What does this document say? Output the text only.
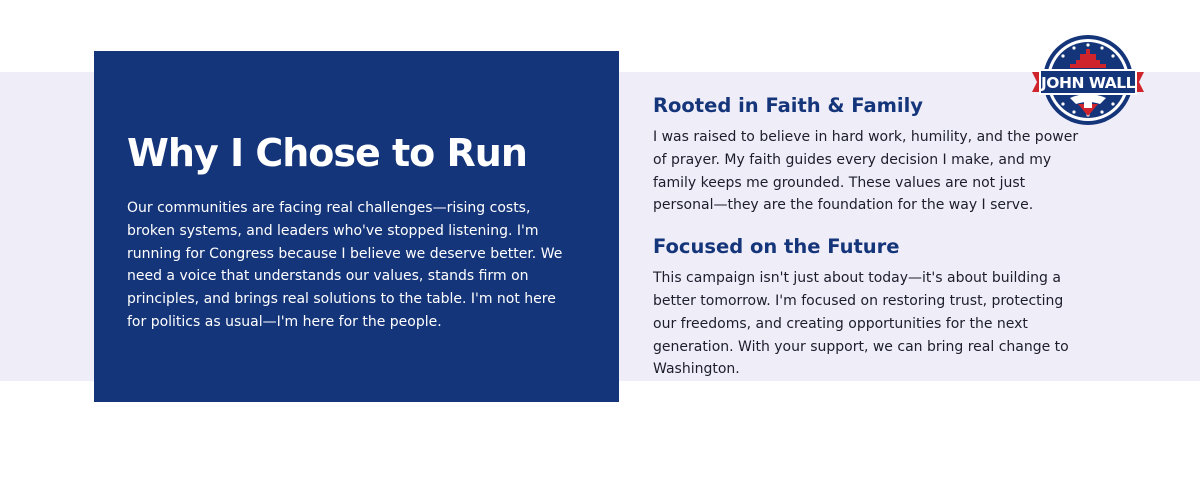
Why I Chose to Run

Our communities are facing real challenges—rising costs, broken systems, and leaders who've stopped listening. I'm running for Congress because I believe we deserve better. We need a voice that understands our values, stands firm on principles, and brings real solutions to the table. I'm not here for politics as usual—I'm here for the people.

Rooted in Faith & Family

I was raised to believe in hard work, humility, and the power of prayer. My faith guides every decision I make, and my family keeps me grounded. These values are not just personal—they are the foundation for the way I serve.

Focused on the Future

This campaign isn't just about today—it's about building a better tomorrow. I'm focused on restoring trust, protecting our freedoms, and creating opportunities for the next generation. With your support, we can bring real change to Washington.

JOHN WALL
